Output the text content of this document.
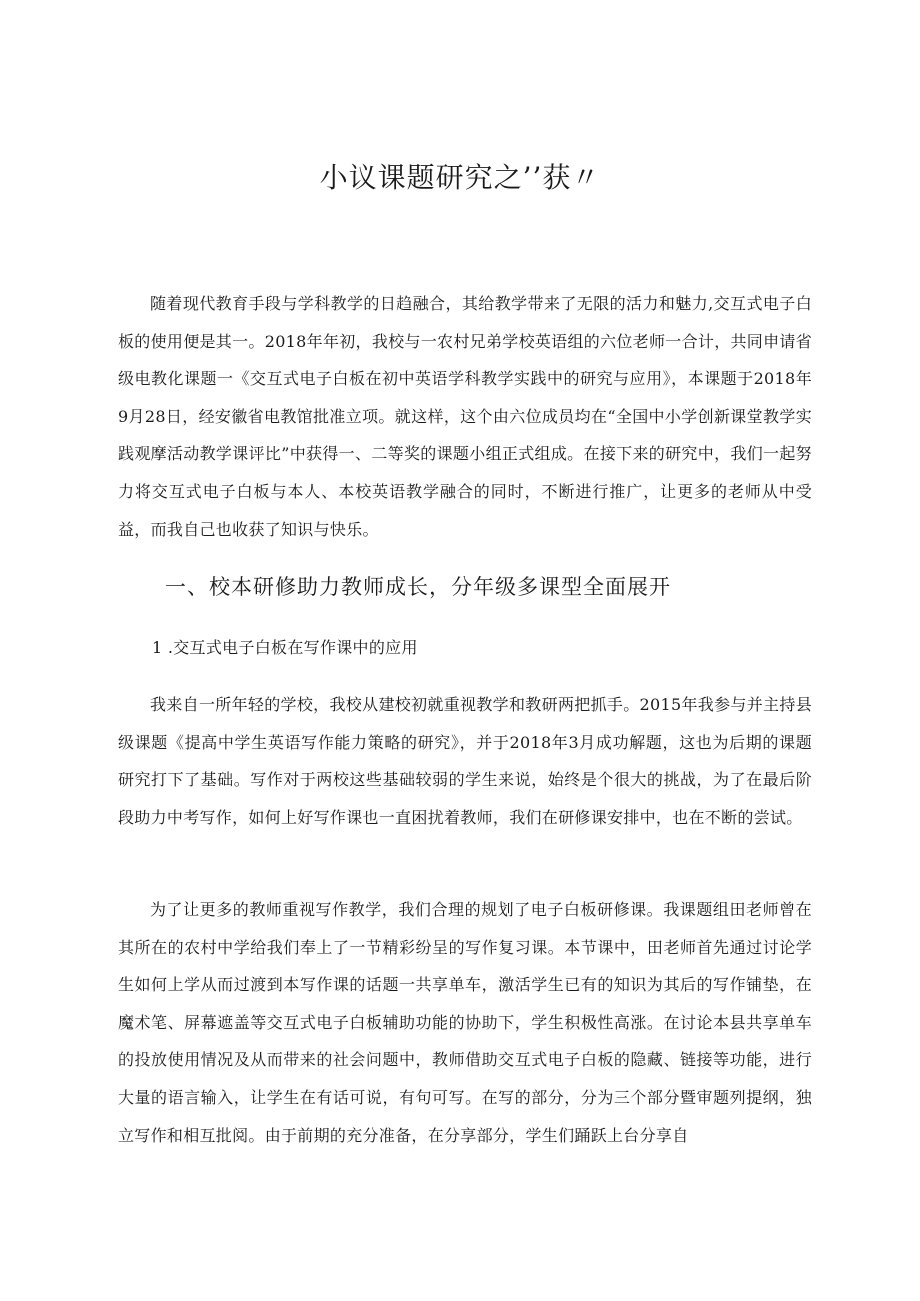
小议课题研究之’’获〃

随着现代教育手段与学科教学的日趋融合，其给教学带来了无限的活力和魅力,交互式电子白板的使用便是其一。2018年年初，我校与一农村兄弟学校英语组的六位老师一合计，共同申请省级电教化课题一《交互式电子白板在初中英语学科教学实践中的研究与应用》，本课题于2018年9月28日，经安徽省电教馆批准立项。就这样，这个由六位成员均在“全国中小学创新课堂教学实践观摩活动教学课评比”中获得一、二等奖的课题小组正式组成。在接下来的研究中，我们一起努力将交互式电子白板与本人、本校英语教学融合的同时，不断进行推广，让更多的老师从中受益，而我自己也收获了知识与快乐。

一、校本研修助力教师成长，分年级多课型全面展开
1 .交互式电子白板在写作课中的应用

我来自一所年轻的学校，我校从建校初就重视教学和教研两把抓手。2015年我参与并主持县级课题《提高中学生英语写作能力策略的研究》，并于2018年3月成功解题，这也为后期的课题研究打下了基础。写作对于两校这些基础较弱的学生来说，始终是个很大的挑战，为了在最后阶段助力中考写作，如何上好写作课也一直困扰着教师，我们在研修课安排中，也在不断的尝试。

为了让更多的教师重视写作教学，我们合理的规划了电子白板研修课。我课题组田老师曾在其所在的农村中学给我们奉上了一节精彩纷呈的写作复习课。本节课中，田老师首先通过讨论学生如何上学从而过渡到本写作课的话题一共享单车，激活学生已有的知识为其后的写作铺垫，在魔术笔、屏幕遮盖等交互式电子白板辅助功能的协助下，学生积极性高涨。在讨论本县共享单车的投放使用情况及从而带来的社会问题中，教师借助交互式电子白板的隐藏、链接等功能，进行大量的语言输入，让学生在有话可说，有句可写。在写的部分，分为三个部分暨审题列提纲，独立写作和相互批阅。由于前期的充分准备，在分享部分，学生们踊跃上台分享自
